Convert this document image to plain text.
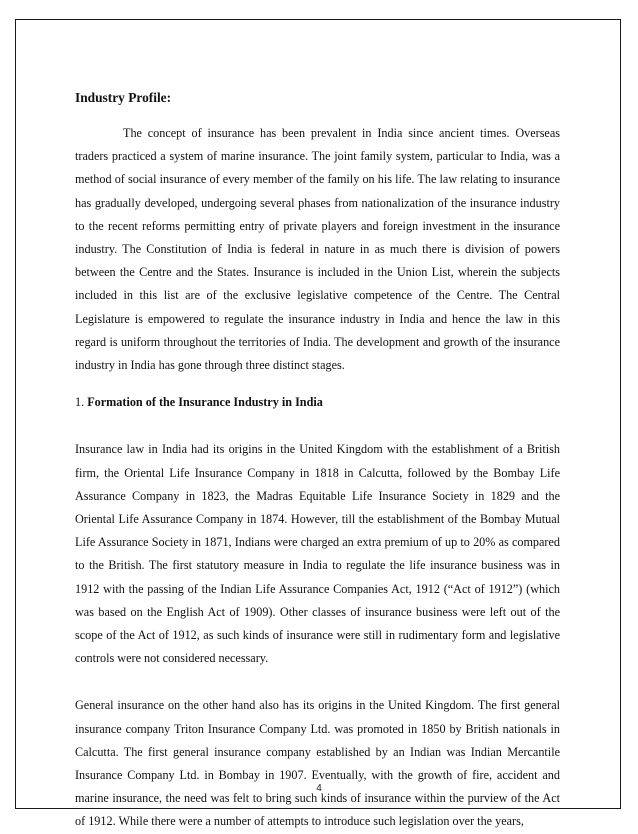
Industry Profile:

The concept of insurance has been prevalent in India since ancient times. Overseas traders practiced a system of marine insurance. The joint family system, particular to India, was a method of social insurance of every member of the family on his life. The law relating to insurance has gradually developed, undergoing several phases from nationalization of the insurance industry to the recent reforms permitting entry of private players and foreign investment in the insurance industry. The Constitution of India is federal in nature in as much there is division of powers between the Centre and the States. Insurance is included in the Union List, wherein the subjects included in this list are of the exclusive legislative competence of the Centre. The Central Legislature is empowered to regulate the insurance industry in India and hence the law in this regard is uniform throughout the territories of India. The development and growth of the insurance industry in India has gone through three distinct stages.

1. Formation of the Insurance Industry in India

Insurance law in India had its origins in the United Kingdom with the establishment of a British firm, the Oriental Life Insurance Company in 1818 in Calcutta, followed by the Bombay Life Assurance Company in 1823, the Madras Equitable Life Insurance Society in 1829 and the Oriental Life Assurance Company in 1874. However, till the establishment of the Bombay Mutual Life Assurance Society in 1871, Indians were charged an extra premium of up to 20% as compared to the British. The first statutory measure in India to regulate the life insurance business was in 1912 with the passing of the Indian Life Assurance Companies Act, 1912 (“Act of 1912”) (which was based on the English Act of 1909). Other classes of insurance business were left out of the scope of the Act of 1912, as such kinds of insurance were still in rudimentary form and legislative controls were not considered necessary.

General insurance on the other hand also has its origins in the United Kingdom. The first general insurance company Triton Insurance Company Ltd. was promoted in 1850 by British nationals in Calcutta. The first general insurance company established by an Indian was Indian Mercantile Insurance Company Ltd. in Bombay in 1907. Eventually, with the growth of fire, accident and marine insurance, the need was felt to bring such kinds of insurance within the purview of the Act of 1912. While there were a number of attempts to introduce such legislation over the years,

4
